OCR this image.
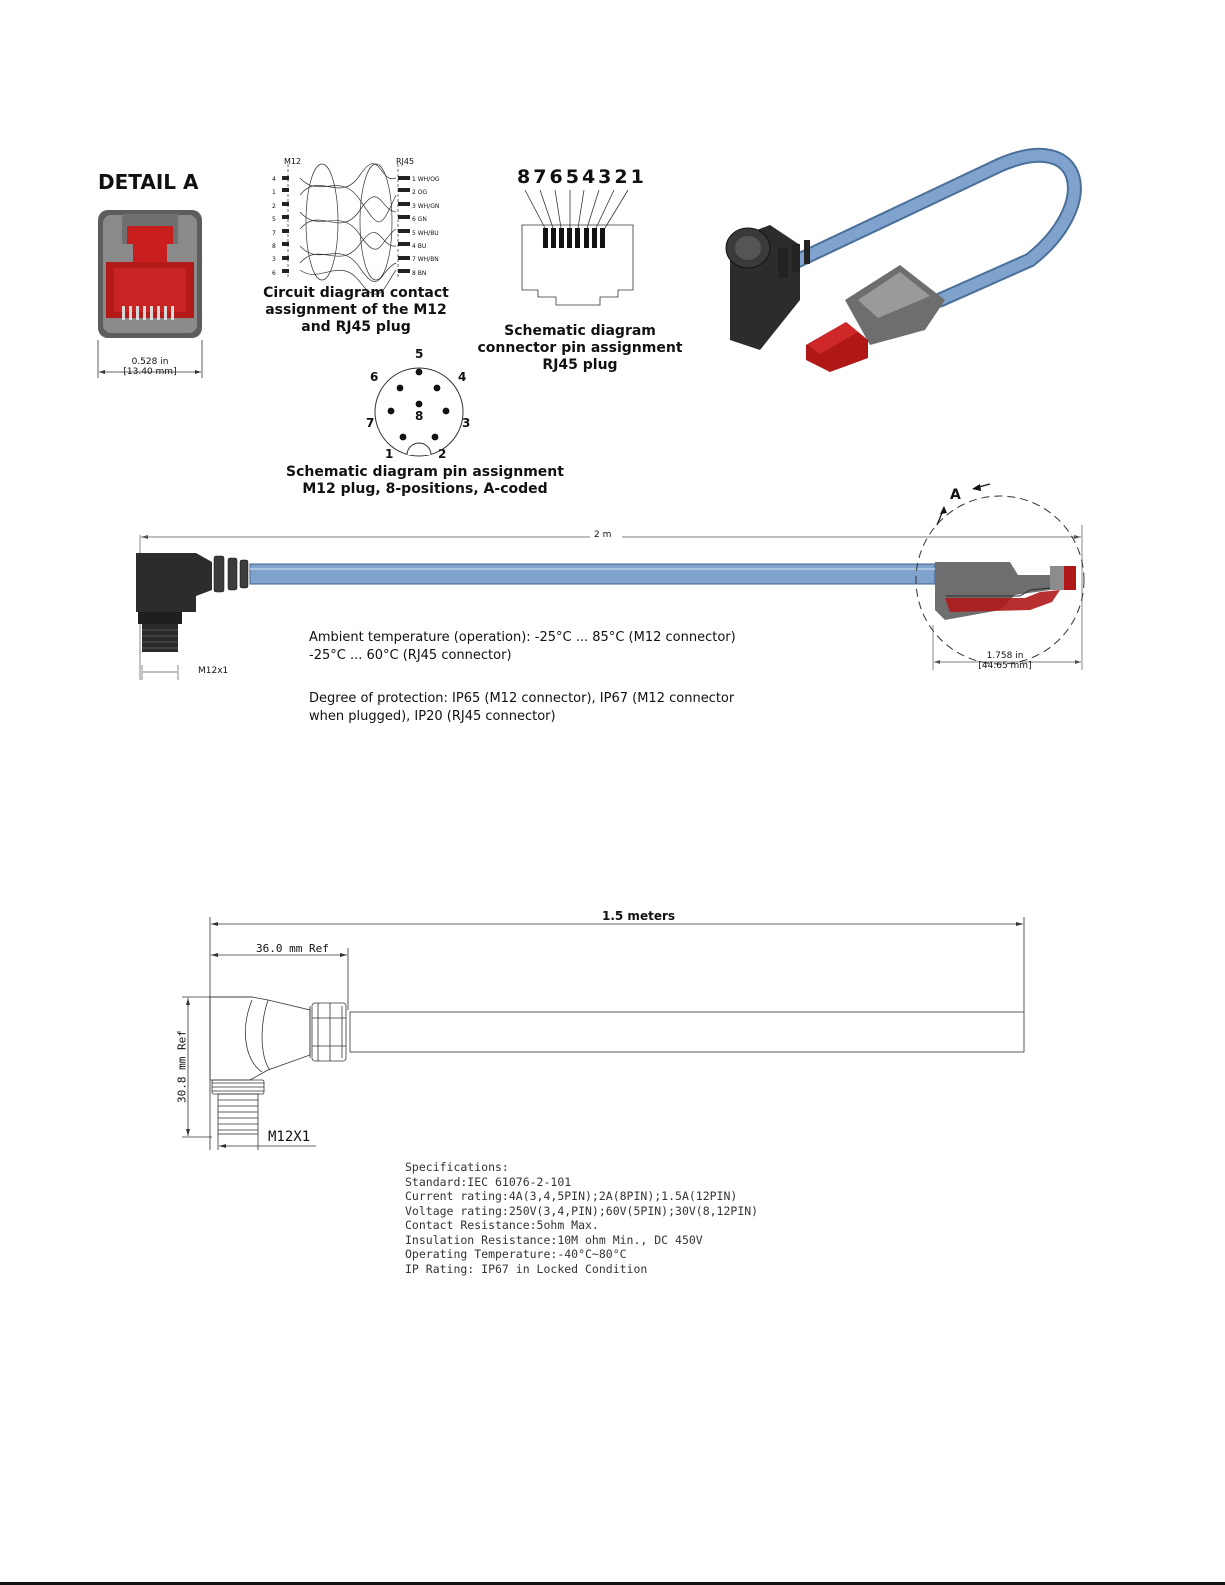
DETAIL A
0.528 in
[13.40 mm]
M12	RJ45
4
1
2
5
7
8
3
6
1 WH/OG
2 OG
3 WH/GN
6 GN
5 WH/BU
4 BU
7 WH/BN
8 BN
Circuit diagram contact
assignment of the M12
and RJ45 plug
8 7 6 5 4 3 2 1
Schematic diagram
connector pin assignment
RJ45 plug
1	2
3
4
5
6
7	8
Schematic diagram pin assignment
M12 plug, 8-positions, A-coded
2 m
A
M12x1
1.758 in
[44.65 mm]
Ambient temperature (operation): -25°C ... 85°C (M12 connector)
-25°C ... 60°C (RJ45 connector)
Degree of protection: IP65 (M12 connector), IP67 (M12 connector
when plugged), IP20 (RJ45 connector)
1.5 meters
36.0 mm Ref
30.8 mm Ref
M12X1
Specifications:
Standard:IEC 61076-2-101
Current rating:4A(3,4,5PIN);2A(8PIN);1.5A(12PIN)
Voltage rating:250V(3,4,PIN);60V(5PIN);30V(8,12PIN)
Contact Resistance:5ohm Max.
Insulation Resistance:10M ohm Min., DC 450V
Operating Temperature:-40°C~80°C
IP Rating: IP67 in Locked Condition
